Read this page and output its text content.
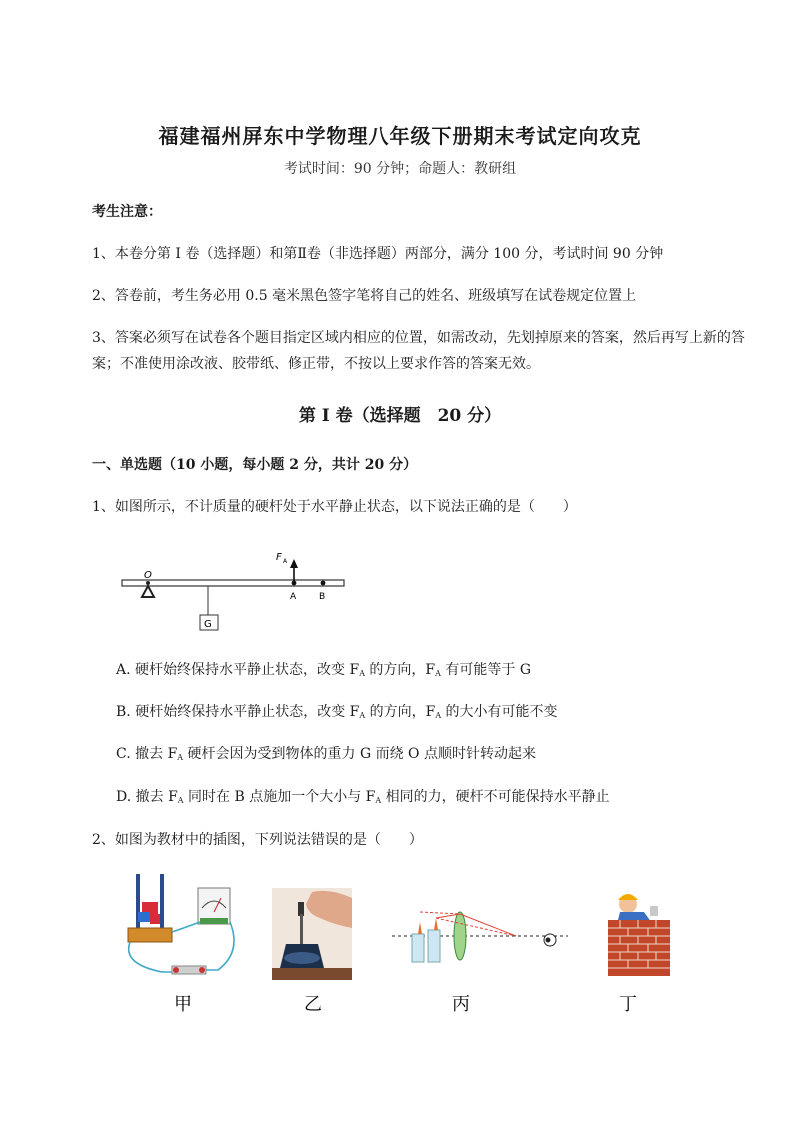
福建福州屏东中学物理八年级下册期末考试定向攻克
考试时间：90 分钟；命题人：教研组
考生注意：
1、本卷分第 I 卷（选择题）和第Ⅱ卷（非选择题）两部分，满分 100 分，考试时间 90 分钟
2、答卷前，考生务必用 0.5 毫米黑色签字笔将自己的姓名、班级填写在试卷规定位置上
3、答案必须写在试卷各个题目指定区域内相应的位置，如需改动，先划掉原来的答案，然后再写上新的答案；不准使用涂改液、胶带纸、修正带，不按以上要求作答的答案无效。
第 I 卷（选择题　20 分）
一、单选题（10 小题，每小题 2 分，共计 20 分）
1、如图所示，不计质量的硬杆处于水平静止状态，以下说法正确的是（　　）
O
G
F A
A	B
A. 硬杆始终保持水平静止状态，改变 $F_A$ 的方向，$F_A$ 有可能等于 G
B. 硬杆始终保持水平静止状态，改变 $F_A$ 的方向，$F_A$ 的大小有可能不变
C. 撤去 $F_A$ 硬杆会因为受到物体的重力 G 而绕 O 点顺时针转动起来
D. 撤去 $F_A$ 同时在 B 点施加一个大小与 $F_A$ 相同的力，硬杆不可能保持水平静止
2、如图为教材中的插图，下列说法错误的是（　　）
甲	乙	丙	丁
